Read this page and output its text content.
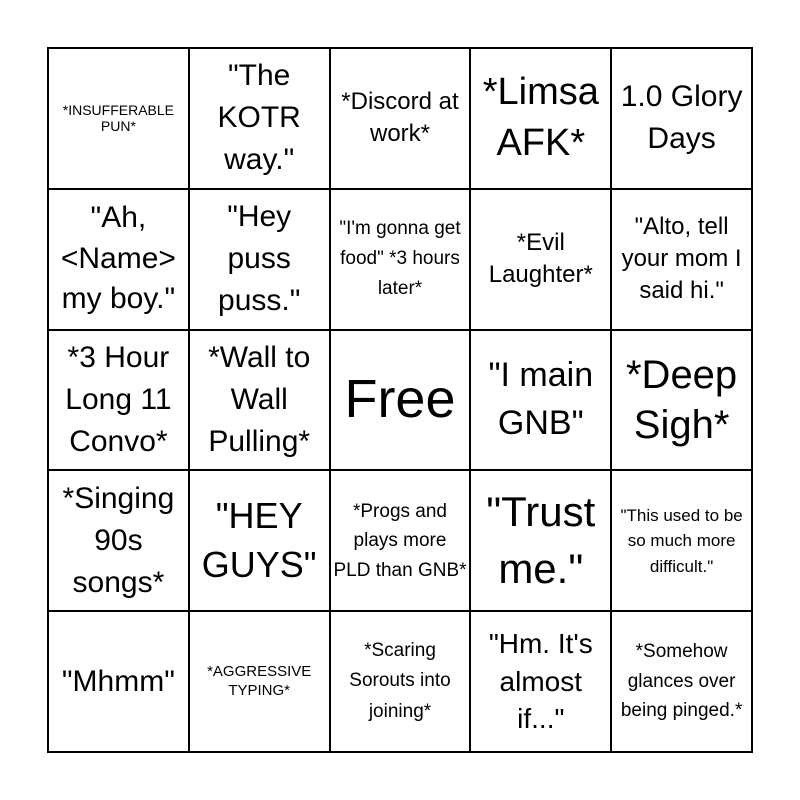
*INSUFFERABLE PUN*
"The KOTR way."
*Discord at work*
*Limsa AFK*
1.0 Glory Days
"Ah, <Name> my boy."
"Hey puss puss."
"I'm gonna get food" *3 hours later*
*Evil Laughter*
"Alto, tell your mom I said hi."
*3 Hour Long 11 Convo*
*Wall to Wall Pulling*
Free "I main GNB"
*Deep Sigh*
*Singing 90s songs*
"HEY GUYS"
*Progs and plays more PLD than GNB*
"Trust me."
"This used to be so much more difficult."
"Mhmm"	*AGGRESSIVE TYPING*
*Scaring Sorouts into joining*
"Hm. It's almost if..."
*Somehow glances over being pinged.*
